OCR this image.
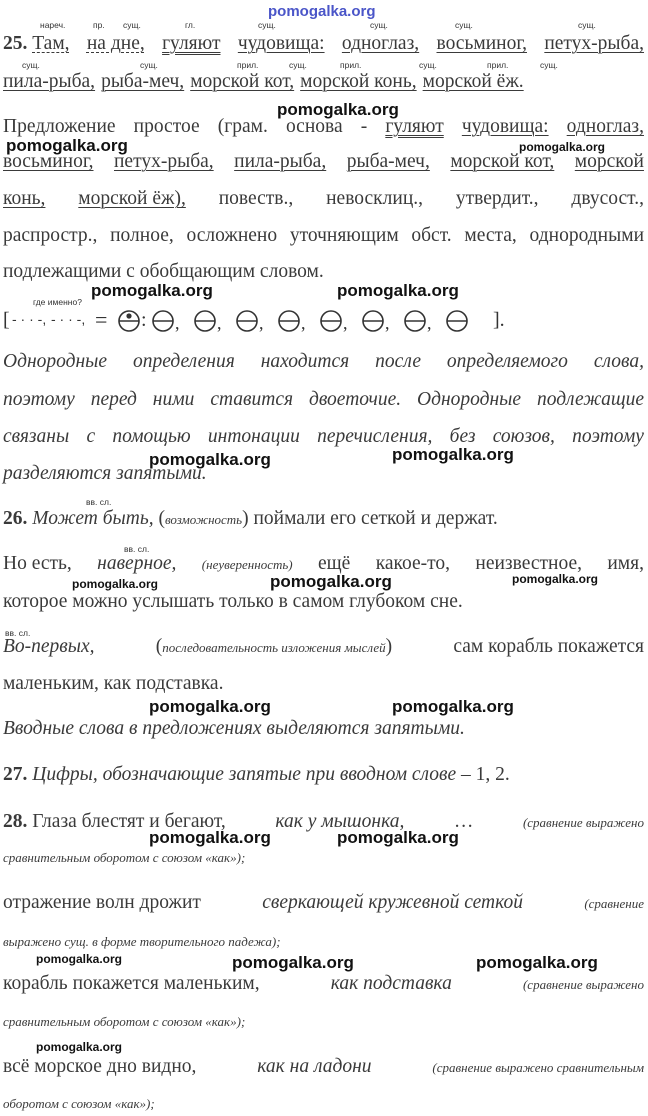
pomogalka.org
нареч.	пр. сущ.	гл.	сущ.	сущ.	сущ.	сущ.
25. Там, на дне, гуляют чудовища: одноглаз, восьминог, петух-рыба,
сущ.	сущ.	прил.	сущ.	прил.	сущ.	прил.	сущ.
пила-рыба, рыба-меч, морской кот, морской конь, морской ёж.
pomogalka.org
Предложение простое (грам. основа - гуляют чудовища: одноглаз,
pomogalka.org	pomogalka.org
восьминог, петух-рыба, пила-рыба, рыба-меч, морской кот, морской
конь, морской ёж), повеств., невосклиц., утвердит., двусост.,
распростр., полное, осложнено уточняющим обст. места, однородными
подлежащими с обобщающим словом.
где именно?
pomogalka.org	pomogalka.org
[ - · · -, - · · -, = : , , , , , , ,	].
Однородные определения находится после определяемого слова,
поэтому перед ними ставится двоеточие. Однородные подлежащие
связаны с помощью интонации перечисления, без союзов, поэтому
pomogalka.org	pomogalka.org
разделяются запятыми.
вв. сл.
26. Может быть, (возможность) поймали его сеткой и держат.
вв. сл.
Но есть, наверное, (неуверенность) ещё какое-то, неизвестное, имя,
pomogalka.org	pomogalka.org	pomogalka.org
которое можно услышать только в самом глубоком сне.
вв. сл.
Во-первых,	(последовательность изложения мыслей)	сам корабль покажется
маленьким, как подставка.
pomogalka.org	pomogalka.org
Вводные слова в предложениях выделяются запятыми.
27. Цифры, обозначающие запятые при вводном слове – 1, 2.
28. Глаза блестят и бегают,	как у мышонка,	…	(сравнение выражено
pomogalka.org	pomogalka.org
сравнительным оборотом с союзом «как»);
отражение волн дрожит	сверкающей кружевной сеткой	(сравнение
выражено сущ. в форме творительного падежа);
pomogalka.org	pomogalka.org	pomogalka.org
корабль покажется маленьким,	как подставка	(сравнение выражено
сравнительным оборотом с союзом «как»);
pomogalka.org
всё морское дно видно,	как на ладони	(сравнение выражено сравнительным
оборотом с союзом «как»);
